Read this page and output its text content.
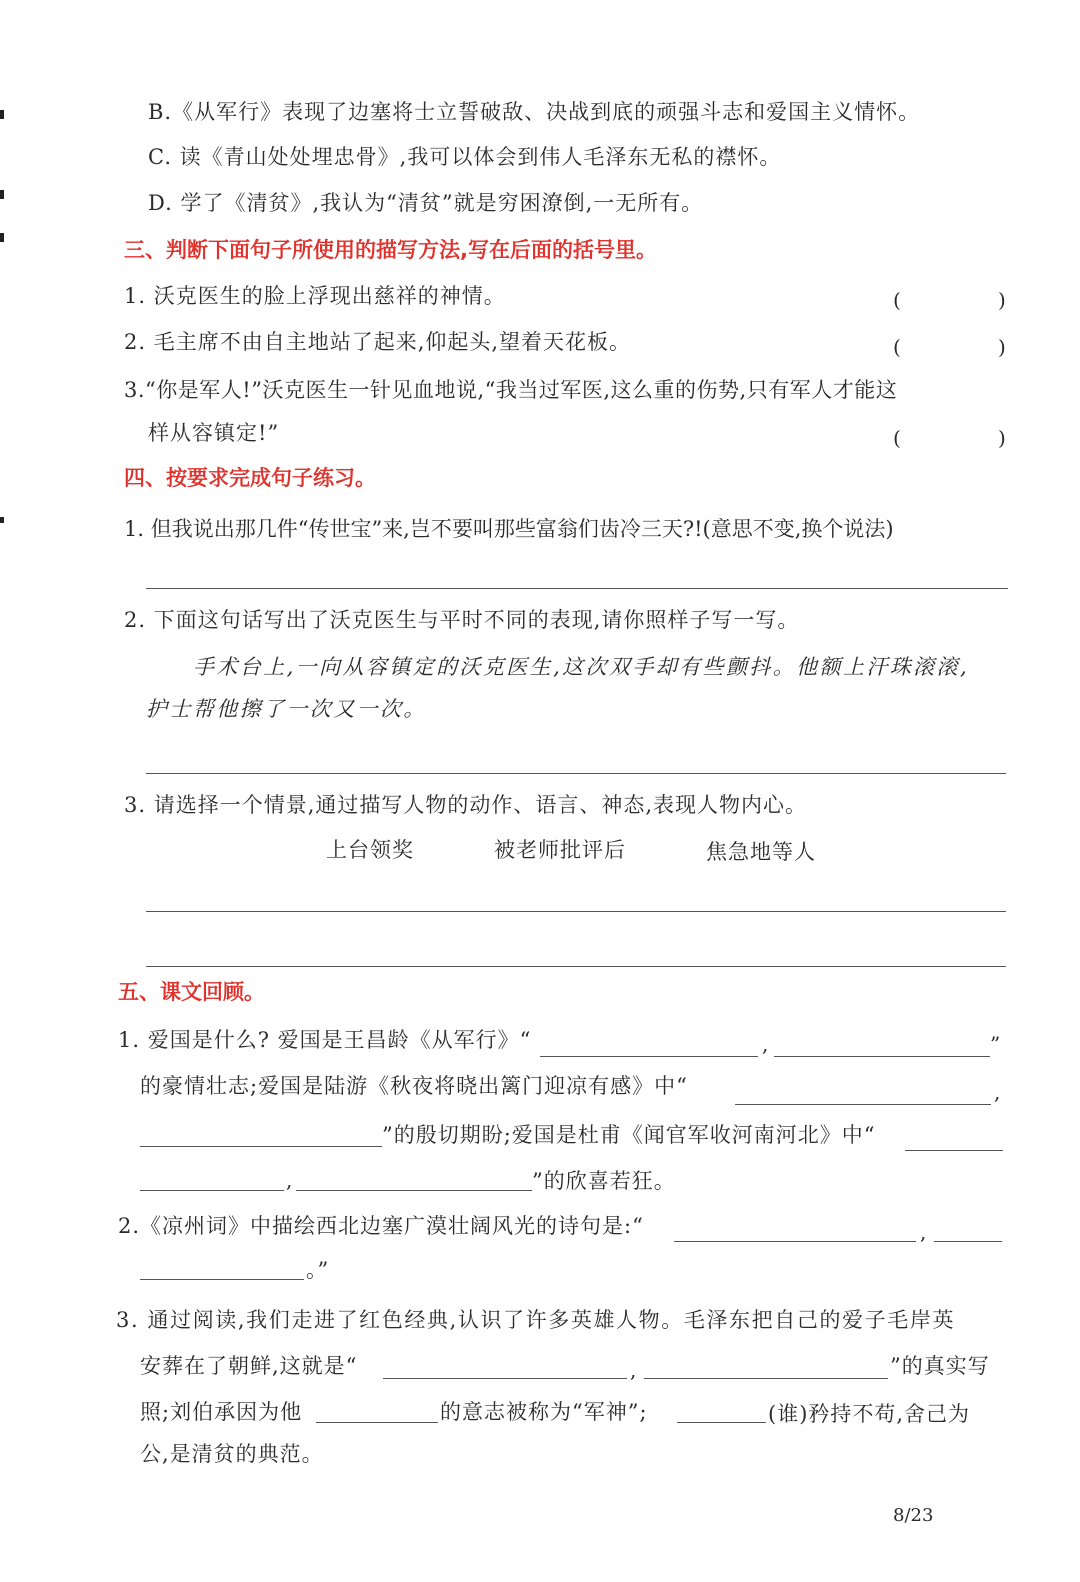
B.《从军行》表现了边塞将士立誓破敌、决战到底的顽强斗志和爱国主义情怀。
C. 读《青山处处埋忠骨》,我可以体会到伟人毛泽东无私的襟怀。
D. 学了《清贫》,我认为“清贫”就是穷困潦倒,一无所有。
三、判断下面句子所使用的描写方法,写在后面的括号里。
1. 沃克医生的脸上浮现出慈祥的神情。	(	)
2. 毛主席不由自主地站了起来,仰起头,望着天花板。	(	)
3.“你是军人!”沃克医生一针见血地说,“我当过军医,这么重的伤势,只有军人才能这
样从容镇定!”	(	)
四、按要求完成句子练习。
1. 但我说出那几件“传世宝”来,岂不要叫那些富翁们齿冷三天?!(意思不变,换个说法)
2. 下面这句话写出了沃克医生与平时不同的表现,请你照样子写一写。
手术台上,一向从容镇定的沃克医生,这次双手却有些颤抖。他额上汗珠滚滚,
护士帮他擦了一次又一次。
3. 请选择一个情景,通过描写人物的动作、语言、神态,表现人物内心。
上台领奖	被老师批评后	焦急地等人
五、课文回顾。
1. 爱国是什么? 爱国是王昌龄《从军行》“	,	”
的豪情壮志;爱国是陆游《秋夜将晓出篱门迎凉有感》中“	,
”的殷切期盼;爱国是杜甫《闻官军收河南河北》中“
,	”的欣喜若狂。
2.《凉州词》中描绘西北边塞广漠壮阔风光的诗句是:“	,
。”
3. 通过阅读,我们走进了红色经典,认识了许多英雄人物。毛泽东把自己的爱子毛岸英
安葬在了朝鲜,这就是“	,	”的真实写
照;刘伯承因为他	的意志被称为“军神”;	(谁)矜持不苟,舍己为
公,是清贫的典范。
8/23
